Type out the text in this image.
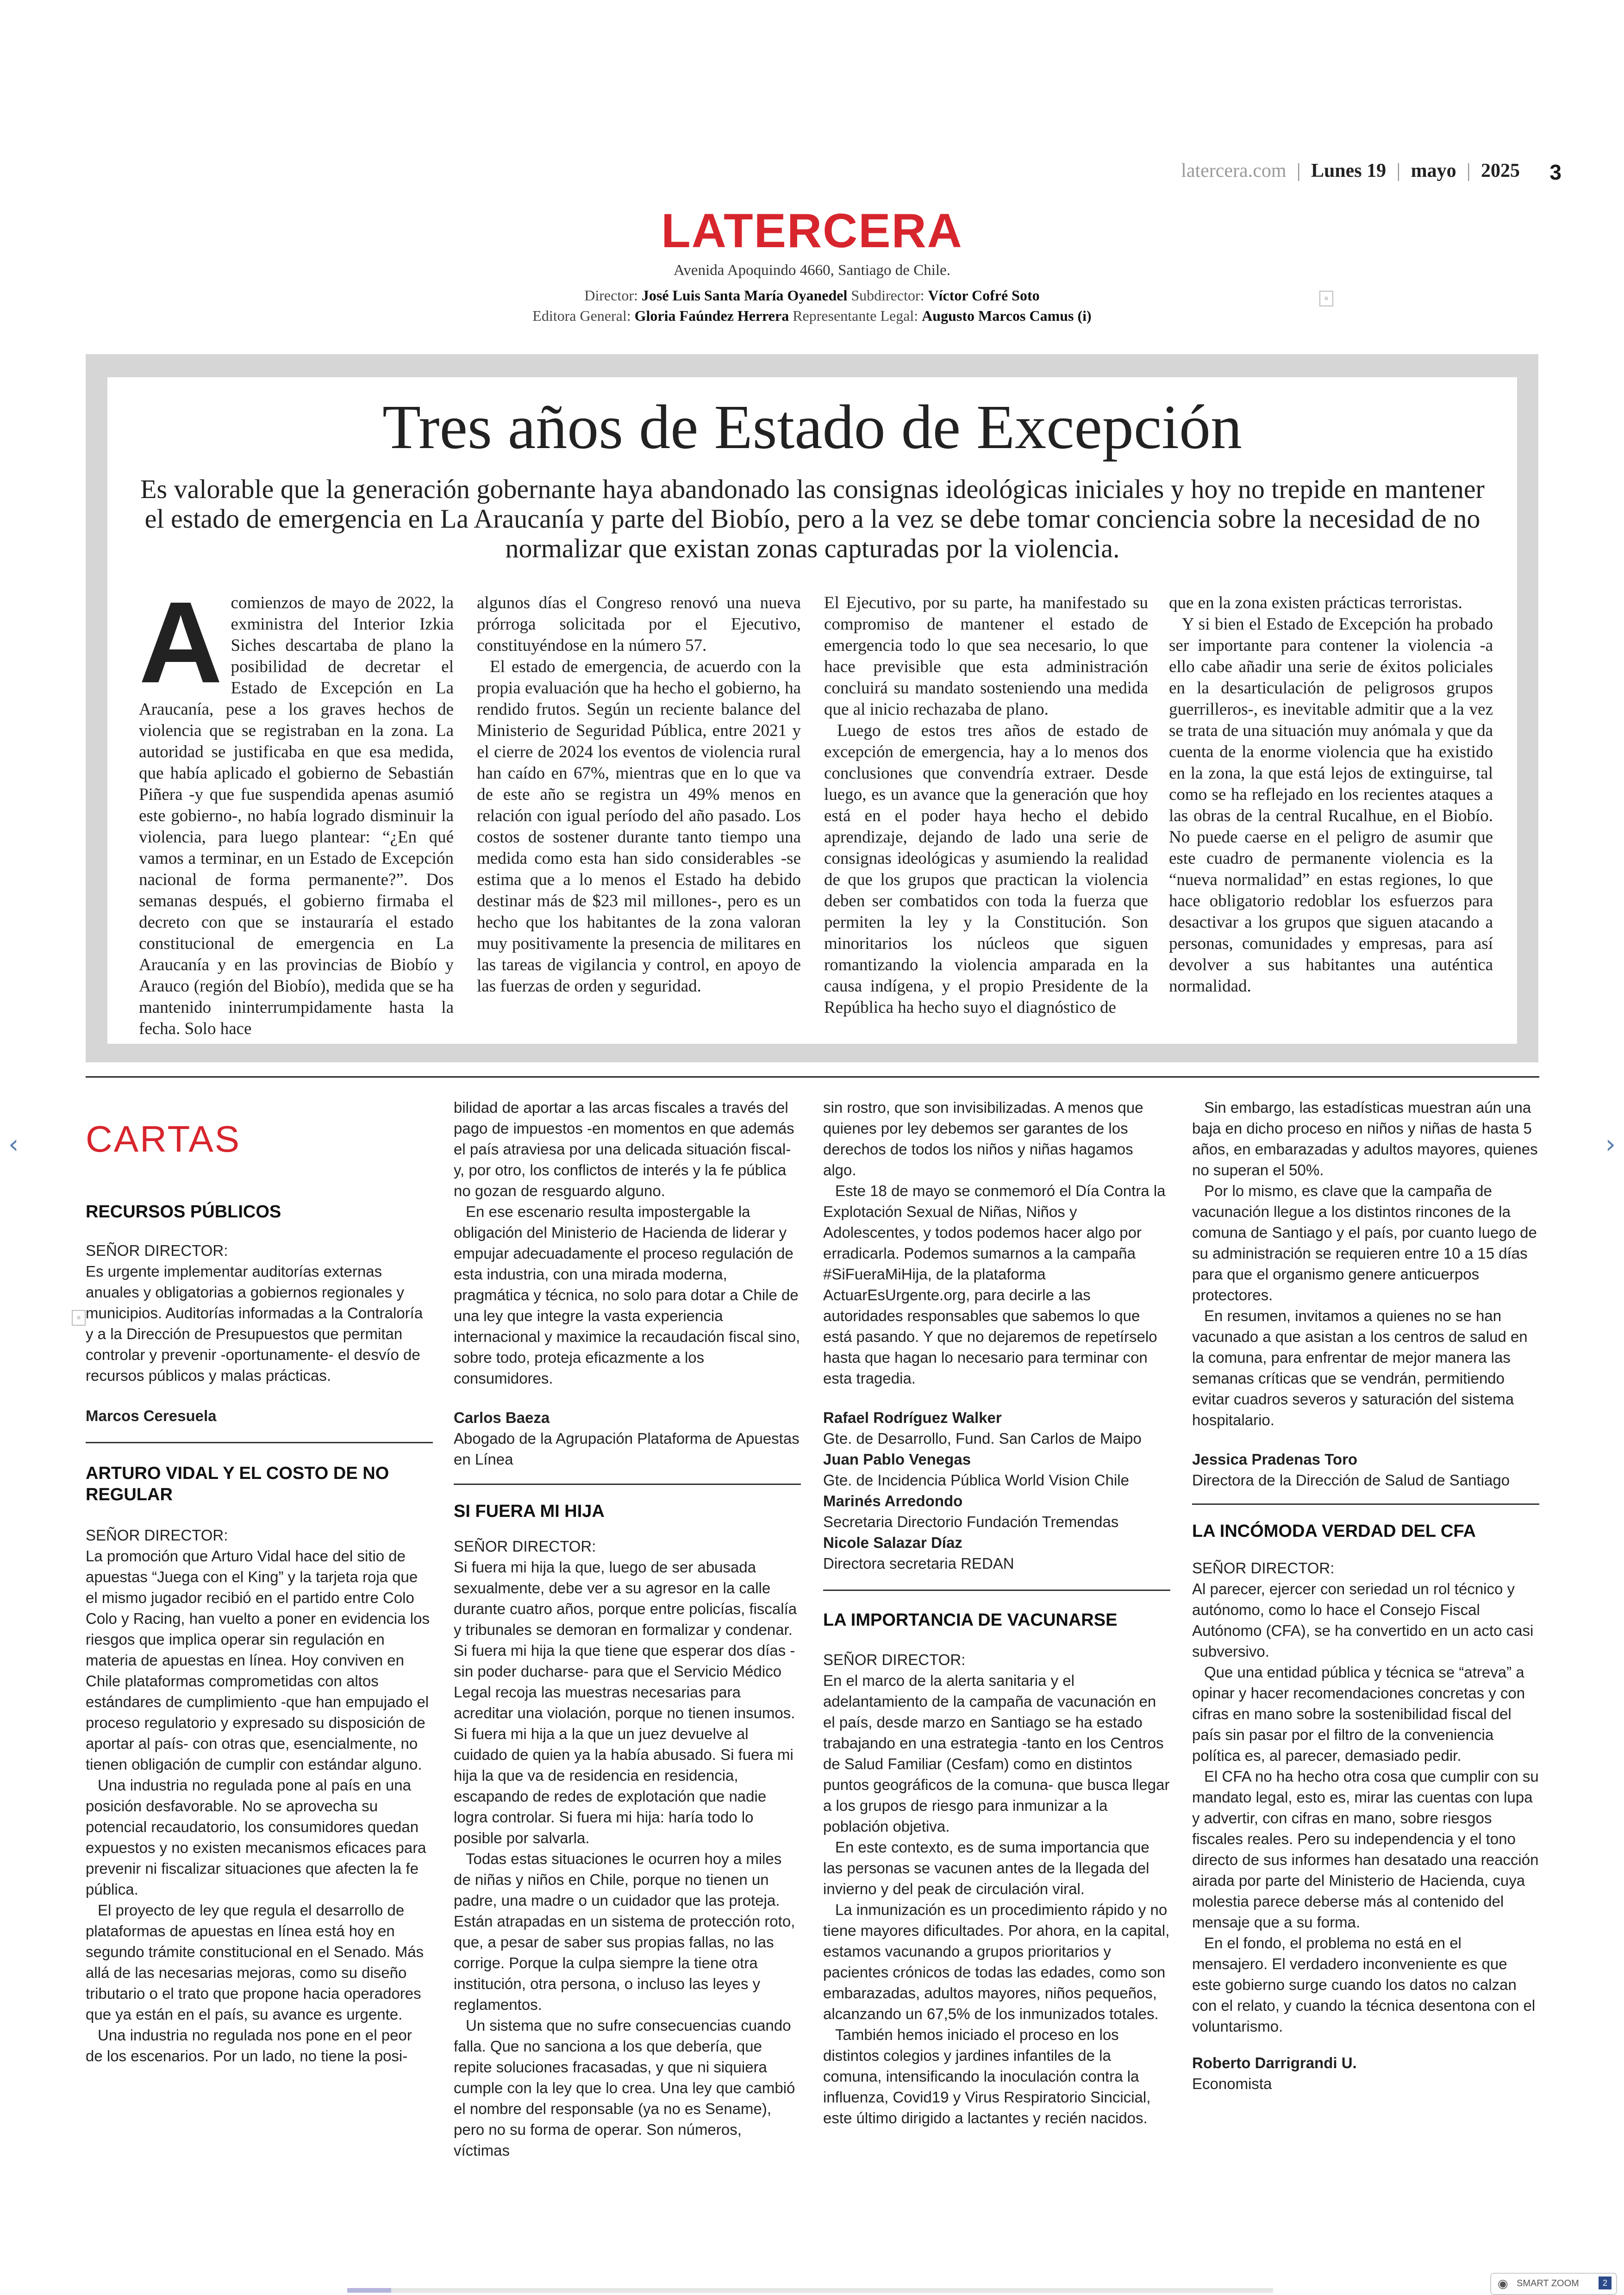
latercera.com | Lunes 19 | mayo | 2025 3
LATERCERA
Avenida Apoquindo 4660, Santiago de Chile.
Director: José Luis Santa María Oyanedel Subdirector: Víctor Cofré Soto
Editora General: Gloria Faúndez Herrera Representante Legal: Augusto Marcos Camus (i)
≡
Tres años de Estado de Excepción
Es valorable que la generación gobernante haya abandonado las consignas ideológicas iniciales y hoy no trepide en mantener el estado de emergencia en La Araucanía y parte del Biobío, pero a la vez se debe tomar conciencia sobre la necesidad de no normalizar que existan zonas capturadas por la violencia.
A comienzos de mayo de 2022, la exministra del Interior Izkia Siches descartaba de plano la posibilidad de decretar el Estado de Excepción en La Araucanía, pese a los graves hechos de violencia que se registraban en la zona. La autoridad se justificaba en que esa medida, que había aplicado el gobierno de Sebastián Piñera -y que fue suspendida apenas asumió este gobierno-, no había logrado disminuir la violencia, para luego plantear: “¿En qué vamos a terminar, en un Estado de Excepción nacional de forma permanente?”. Dos semanas después, el gobierno firmaba el decreto con que se instauraría el estado constitucional de emergencia en La Araucanía y en las provincias de Biobío y Arauco (región del Biobío), medida que se ha mantenido ininterrumpidamente hasta la fecha. Solo hace

algunos días el Congreso renovó una nueva prórroga solicitada por el Ejecutivo, constituyéndose en la número 57.

El estado de emergencia, de acuerdo con la propia evaluación que ha hecho el gobierno, ha rendido frutos. Según un reciente balance del Ministerio de Seguridad Pública, entre 2021 y el cierre de 2024 los eventos de violencia rural han caído en 67%, mientras que en lo que va de este año se registra un 49% menos en relación con igual período del año pasado. Los costos de sostener durante tanto tiempo una medida como esta han sido considerables -se estima que a lo menos el Estado ha debido destinar más de $23 mil millones-, pero es un hecho que los habitantes de la zona valoran muy positivamente la presencia de militares en las tareas de vigilancia y control, en apoyo de las fuerzas de orden y seguridad.

El Ejecutivo, por su parte, ha manifestado su compromiso de mantener el estado de emergencia todo lo que sea necesario, lo que hace previsible que esta administración concluirá su mandato sosteniendo una medida que al inicio rechazaba de plano.

Luego de estos tres años de estado de excepción de emergencia, hay a lo menos dos conclusiones que convendría extraer. Desde luego, es un avance que la generación que hoy está en el poder haya hecho el debido aprendizaje, dejando de lado una serie de consignas ideológicas y asumiendo la realidad de que los grupos que practican la violencia deben ser combatidos con toda la fuerza que permiten la ley y la Constitución. Son minoritarios los núcleos que siguen romantizando la violencia amparada en la causa indígena, y el propio Presidente de la República ha hecho suyo el diagnóstico de

que en la zona existen prácticas terroristas.

Y si bien el Estado de Excepción ha probado ser importante para contener la violencia -a ello cabe añadir una serie de éxitos policiales en la desarticulación de peligrosos grupos guerrilleros-, es inevitable admitir que a la vez se trata de una situación muy anómala y que da cuenta de la enorme violencia que ha existido en la zona, la que está lejos de extinguirse, tal como se ha reflejado en los recientes ataques a las obras de la central Rucalhue, en el Biobío. No puede caerse en el peligro de asumir que este cuadro de permanente violencia es la “nueva normalidad” en estas regiones, lo que hace obligatorio redoblar los esfuerzos para desactivar a los grupos que siguen atacando a personas, comunidades y empresas, para así devolver a sus habitantes una auténtica normalidad.

CARTAS
RECURSOS PÚBLICOS
SEÑOR DIRECTOR:

Es urgente implementar auditorías externas anuales y obligatorias a gobiernos regionales y municipios. Auditorías informadas a la Contraloría y a la Dirección de Presupuestos que permitan controlar y prevenir -oportunamente- el desvío de recursos públicos y malas prácticas.

Marcos Ceresuela
ARTURO VIDAL Y EL COSTO DE NO REGULAR
SEÑOR DIRECTOR:

La promoción que Arturo Vidal hace del sitio de apuestas “Juega con el King” y la tarjeta roja que el mismo jugador recibió en el partido entre Colo Colo y Racing, han vuelto a poner en evidencia los riesgos que implica operar sin regulación en materia de apuestas en línea. Hoy conviven en Chile plataformas comprometidas con altos estándares de cumplimiento -que han empujado el proceso regulatorio y expresado su disposición de aportar al país- con otras que, esencialmente, no tienen obligación de cumplir con estándar alguno.

Una industria no regulada pone al país en una posición desfavorable. No se aprovecha su potencial recaudatorio, los consumidores quedan expuestos y no existen mecanismos eficaces para prevenir ni fiscalizar situaciones que afecten la fe pública.

El proyecto de ley que regula el desarrollo de plataformas de apuestas en línea está hoy en segundo trámite constitucional en el Senado. Más allá de las necesarias mejoras, como su diseño tributario o el trato que propone hacia operadores que ya están en el país, su avance es urgente.

Una industria no regulada nos pone en el peor de los escenarios. Por un lado, no tiene la posi-

bilidad de aportar a las arcas fiscales a través del pago de impuestos -en momentos en que además el país atraviesa por una delicada situación fiscal- y, por otro, los conflictos de interés y la fe pública no gozan de resguardo alguno.

En ese escenario resulta impostergable la obligación del Ministerio de Hacienda de liderar y empujar adecuadamente el proceso regulación de esta industria, con una mirada moderna, pragmática y técnica, no solo para dotar a Chile de una ley que integre la vasta experiencia internacional y maximice la recaudación fiscal sino, sobre todo, proteja eficazmente a los consumidores.

Carlos Baeza
Abogado de la Agrupación Plataforma de Apuestas en Línea
SI FUERA MI HIJA
SEÑOR DIRECTOR:

Si fuera mi hija la que, luego de ser abusada sexualmente, debe ver a su agresor en la calle durante cuatro años, porque entre policías, fiscalía y tribunales se demoran en formalizar y condenar. Si fuera mi hija la que tiene que esperar dos días -sin poder ducharse- para que el Servicio Médico Legal recoja las muestras necesarias para acreditar una violación, porque no tienen insumos. Si fuera mi hija a la que un juez devuelve al cuidado de quien ya la había abusado. Si fuera mi hija la que va de residencia en residencia, escapando de redes de explotación que nadie logra controlar. Si fuera mi hija: haría todo lo posible por salvarla.

Todas estas situaciones le ocurren hoy a miles de niñas y niños en Chile, porque no tienen un padre, una madre o un cuidador que las proteja. Están atrapadas en un sistema de protección roto, que, a pesar de saber sus propias fallas, no las corrige. Porque la culpa siempre la tiene otra institución, otra persona, o incluso las leyes y reglamentos.

Un sistema que no sufre consecuencias cuando falla. Que no sanciona a los que debería, que repite soluciones fracasadas, y que ni siquiera cumple con la ley que lo crea. Una ley que cambió el nombre del responsable (ya no es Sename), pero no su forma de operar. Son números, víctimas

sin rostro, que son invisibilizadas. A menos que quienes por ley debemos ser garantes de los derechos de todos los niños y niñas hagamos algo.

Este 18 de mayo se conmemoró el Día Contra la Explotación Sexual de Niñas, Niños y Adolescentes, y todos podemos hacer algo por erradicarla. Podemos sumarnos a la campaña #SiFueraMiHija, de la plataforma ActuarEsUrgente.org, para decirle a las autoridades responsables que sabemos lo que está pasando. Y que no dejaremos de repetírselo hasta que hagan lo necesario para terminar con esta tragedia.

Rafael Rodríguez Walker
Gte. de Desarrollo, Fund. San Carlos de Maipo
Juan Pablo Venegas
Gte. de Incidencia Pública World Vision Chile
Marinés Arredondo
Secretaria Directorio Fundación Tremendas
Nicole Salazar Díaz
Directora secretaria REDAN
LA IMPORTANCIA DE VACUNARSE
SEÑOR DIRECTOR:

En el marco de la alerta sanitaria y el adelantamiento de la campaña de vacunación en el país, desde marzo en Santiago se ha estado trabajando en una estrategia -tanto en los Centros de Salud Familiar (Cesfam) como en distintos puntos geográficos de la comuna- que busca llegar a los grupos de riesgo para inmunizar a la población objetiva.

En este contexto, es de suma importancia que las personas se vacunen antes de la llegada del invierno y del peak de circulación viral.

La inmunización es un procedimiento rápido y no tiene mayores dificultades. Por ahora, en la capital, estamos vacunando a grupos prioritarios y pacientes crónicos de todas las edades, como son embarazadas, adultos mayores, niños pequeños, alcanzando un 67,5% de los inmunizados totales.

También hemos iniciado el proceso en los distintos colegios y jardines infantiles de la comuna, intensificando la inoculación contra la influenza, Covid19 y Virus Respiratorio Sincicial, este último dirigido a lactantes y recién nacidos.

Sin embargo, las estadísticas muestran aún una baja en dicho proceso en niños y niñas de hasta 5 años, en embarazadas y adultos mayores, quienes no superan el 50%.

Por lo mismo, es clave que la campaña de vacunación llegue a los distintos rincones de la comuna de Santiago y el país, por cuanto luego de su administración se requieren entre 10 a 15 días para que el organismo genere anticuerpos protectores.

En resumen, invitamos a quienes no se han vacunado a que asistan a los centros de salud en la comuna, para enfrentar de mejor manera las semanas críticas que se vendrán, permitiendo evitar cuadros severos y saturación del sistema hospitalario.

Jessica Pradenas Toro
Directora de la Dirección de Salud de Santiago
LA INCÓMODA VERDAD DEL CFA
SEÑOR DIRECTOR:

Al parecer, ejercer con seriedad un rol técnico y autónomo, como lo hace el Consejo Fiscal Autónomo (CFA), se ha convertido en un acto casi subversivo.

Que una entidad pública y técnica se “atreva” a opinar y hacer recomendaciones concretas y con cifras en mano sobre la sostenibilidad fiscal del país sin pasar por el filtro de la conveniencia política es, al parecer, demasiado pedir.

El CFA no ha hecho otra cosa que cumplir con su mandato legal, esto es, mirar las cuentas con lupa y advertir, con cifras en mano, sobre riesgos fiscales reales. Pero su independencia y el tono directo de sus informes han desatado una reacción airada por parte del Ministerio de Hacienda, cuya molestia parece deberse más al contenido del mensaje que a su forma.

En el fondo, el problema no está en el mensajero. El verdadero inconveniente es que este gobierno surge cuando los datos no calzan con el relato, y cuando la técnica desentona con el voluntarismo.

Roberto Darrigrandi U.
Economista
‹	›
≡
◉ SMART ZOOM	2
